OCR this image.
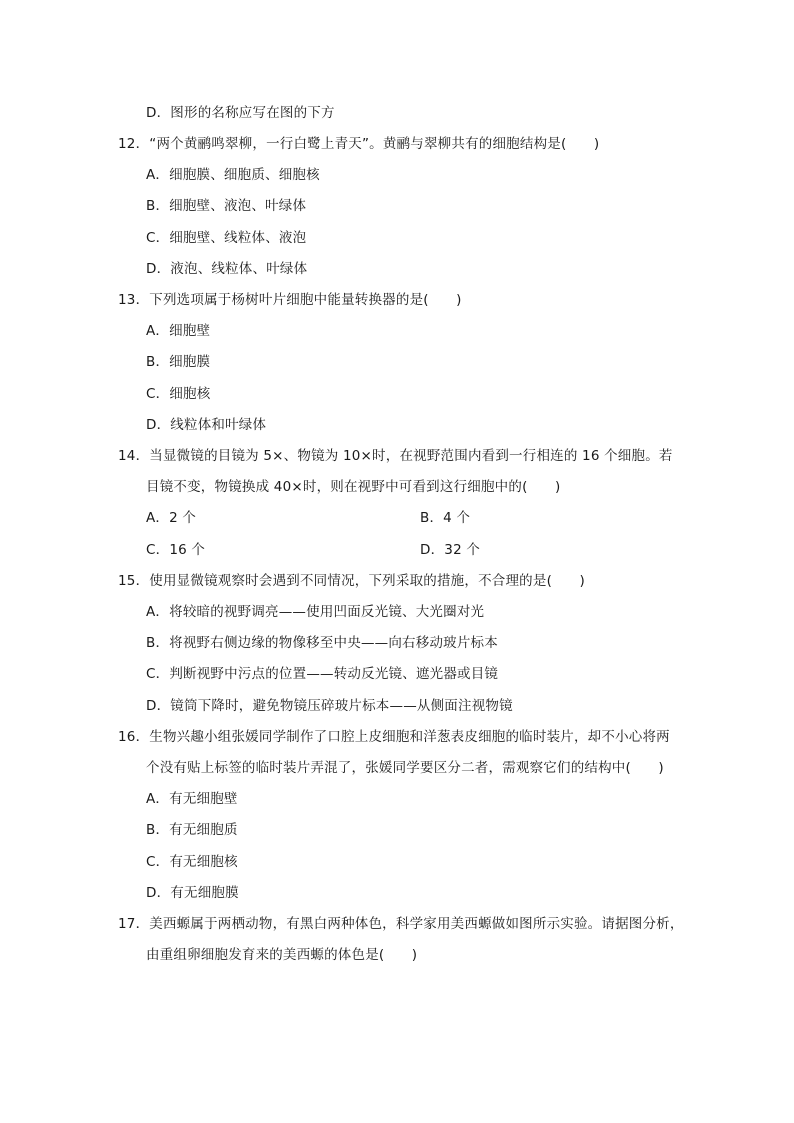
D．图形的名称应写在图的下方
12．“两个黄鹂鸣翠柳，一行白鹭上青天”。黄鹂与翠柳共有的细胞结构是(　　)
A．细胞膜、细胞质、细胞核
B．细胞壁、液泡、叶绿体
C．细胞壁、线粒体、液泡
D．液泡、线粒体、叶绿体
13．下列选项属于杨树叶片细胞中能量转换器的是(　　)
A．细胞壁
B．细胞膜
C．细胞核
D．线粒体和叶绿体
14．当显微镜的目镜为 5×、物镜为 10×时，在视野范围内看到一行相连的 16 个细胞。若
目镜不变，物镜换成 40×时，则在视野中可看到这行细胞中的(　　)
A．2 个	B．4 个
C．16 个	D．32 个
15．使用显微镜观察时会遇到不同情况，下列采取的措施，不合理的是(　　)
A．将较暗的视野调亮——使用凹面反光镜、大光圈对光
B．将视野右侧边缘的物像移至中央——向右移动玻片标本
C．判断视野中污点的位置——转动反光镜、遮光器或目镜
D．镜筒下降时，避免物镜压碎玻片标本——从侧面注视物镜
16．生物兴趣小组张媛同学制作了口腔上皮细胞和洋葱表皮细胞的临时装片，却不小心将两
个没有贴上标签的临时装片弄混了，张媛同学要区分二者，需观察它们的结构中(　　)
A．有无细胞壁
B．有无细胞质
C．有无细胞核
D．有无细胞膜
17．美西螈属于两栖动物，有黑白两种体色，科学家用美西螈做如图所示实验。请据图分析，
由重组卵细胞发育来的美西螈的体色是(　　)
